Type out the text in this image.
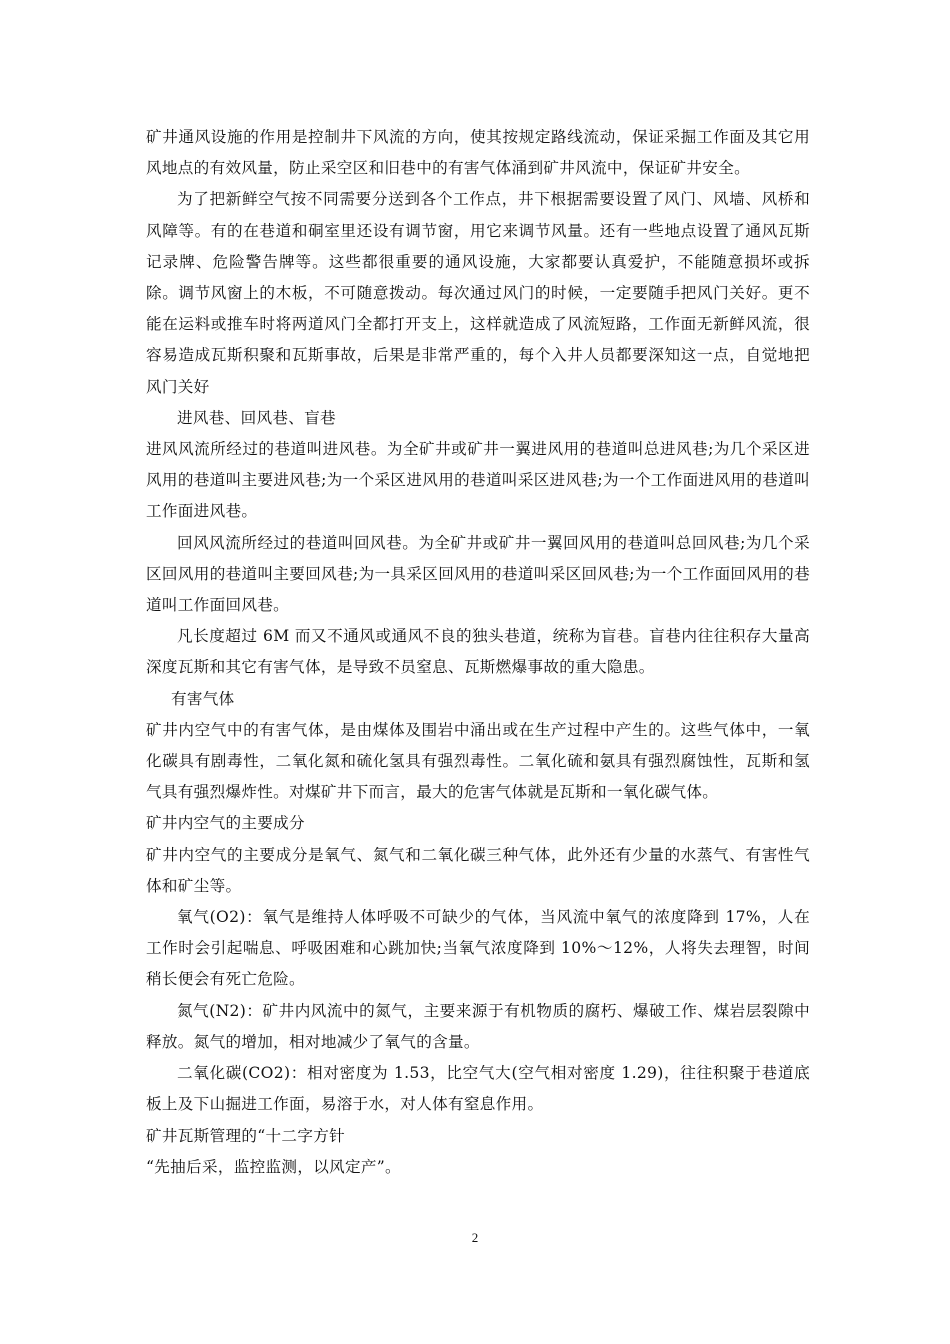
矿井通风设施的作用是控制井下风流的方向，使其按规定路线流动，保证采掘工作面及其它用风地点的有效风量，防止采空区和旧巷中的有害气体涌到矿井风流中，保证矿井安全。

为了把新鲜空气按不同需要分送到各个工作点，井下根据需要设置了风门、风墙、风桥和风障等。有的在巷道和硐室里还设有调节窗，用它来调节风量。还有一些地点设置了通风瓦斯记录牌、危险警告牌等。这些都很重要的通风设施，大家都要认真爱护，不能随意损坏或拆除。调节风窗上的木板，不可随意拨动。每次通过风门的时候，一定要随手把风门关好。更不能在运料或推车时将两道风门全都打开支上，这样就造成了风流短路，工作面无新鲜风流，很容易造成瓦斯积聚和瓦斯事故，后果是非常严重的，每个入井人员都要深知这一点，自觉地把风门关好

进风巷、回风巷、盲巷

进风风流所经过的巷道叫进风巷。为全矿井或矿井一翼进风用的巷道叫总进风巷;为几个采区进风用的巷道叫主要进风巷;为一个采区进风用的巷道叫采区进风巷;为一个工作面进风用的巷道叫工作面进风巷。

回风风流所经过的巷道叫回风巷。为全矿井或矿井一翼回风用的巷道叫总回风巷;为几个采区回风用的巷道叫主要回风巷;为一具采区回风用的巷道叫采区回风巷;为一个工作面回风用的巷道叫工作面回风巷。

凡长度超过 6M 而又不通风或通风不良的独头巷道，统称为盲巷。盲巷内往往积存大量高深度瓦斯和其它有害气体，是导致不员窒息、瓦斯燃爆事故的重大隐患。

有害气体

矿井内空气中的有害气体，是由煤体及围岩中涌出或在生产过程中产生的。这些气体中，一氧化碳具有剧毒性，二氧化氮和硫化氢具有强烈毒性。二氧化硫和氨具有强烈腐蚀性，瓦斯和氢气具有强烈爆炸性。对煤矿井下而言，最大的危害气体就是瓦斯和一氧化碳气体。

矿井内空气的主要成分

矿井内空气的主要成分是氧气、氮气和二氧化碳三种气体，此外还有少量的水蒸气、有害性气体和矿尘等。

氧气(O2)：氧气是维持人体呼吸不可缺少的气体，当风流中氧气的浓度降到 17%，人在工作时会引起喘息、呼吸困难和心跳加快;当氧气浓度降到 10%～12%，人将失去理智，时间稍长便会有死亡危险。

氮气(N2)：矿井内风流中的氮气，主要来源于有机物质的腐朽、爆破工作、煤岩层裂隙中释放。氮气的增加，相对地减少了氧气的含量。

二氧化碳(CO2)：相对密度为 1.53，比空气大(空气相对密度 1.29)，往往积聚于巷道底板上及下山掘进工作面，易溶于水，对人体有窒息作用。

矿井瓦斯管理的“十二字方针

“先抽后采，监控监测，以风定产”。

2
